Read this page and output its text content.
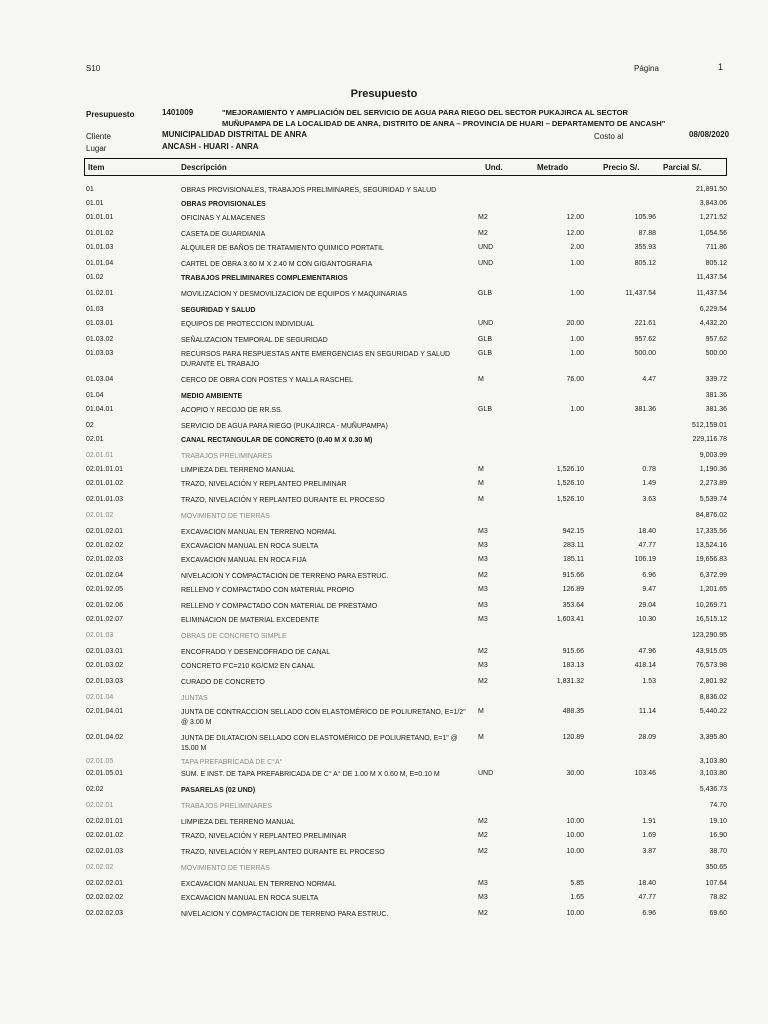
S10	Página	1
Presupuesto
Presupuesto	1401009	"MEJORAMIENTO Y AMPLIACIÓN DEL SERVICIO DE AGUA PARA RIEGO DEL SECTOR PUKAJIRCA AL SECTOR
MUÑUPAMPA DE LA LOCALIDAD DE ANRA, DISTRITO DE ANRA – PROVINCIA DE HUARI – DEPARTAMENTO DE ANCASH"
Cliente	MUNICIPALIDAD DISTRITAL DE ANRA	Costo al	08/08/2020
Lugar	ANCASH - HUARI - ANRA
Item	Descripción	Und.	Metrado	Precio S/.	Parcial S/.
01	OBRAS PROVISIONALES, TRABAJOS PRELIMINARES, SEGURIDAD Y SALUD	21,891.50
01.01	OBRAS PROVISIONALES	3,843.06
01.01.01	OFICINAS Y ALMACENES	M2	12.00	105.96	1,271.52
01.01.02	CASETA DE GUARDIANIA	M2	12.00	87.88	1,054.56
01.01.03	ALQUILER DE BAÑOS DE TRATAMIENTO QUIMICO PORTATIL	UND	2.00	355.93	711.86
01.01.04	CARTEL DE OBRA 3.60 M X 2.40 M CON GIGANTOGRAFIA	UND	1.00	805.12	805.12
01.02	TRABAJOS PRELIMINARES COMPLEMENTARIOS	11,437.54
01.02.01	MOVILIZACION Y DESMOVILIZACION DE EQUIPOS Y MAQUINARIAS	GLB	1.00	11,437.54	11,437.54
01.03	SEGURIDAD Y SALUD	6,229.54
01.03.01	EQUIPOS DE PROTECCION INDIVIDUAL	UND	20.00	221.61	4,432.20
01.03.02	SEÑALIZACION TEMPORAL DE SEGURIDAD	GLB	1.00	957.62	957.62
01.03.03	RECURSOS PARA RESPUESTAS ANTE EMERGENCIAS EN SEGURIDAD Y SALUD DURANTE EL TRABAJO
GLB	1.00	500.00	500.00
01.03.04	CERCO DE OBRA CON POSTES Y MALLA RASCHEL	M	76.00	4.47	339.72
01.04	MEDIO AMBIENTE	381.36
01.04.01	ACOPIO Y RECOJO DE RR.SS.	GLB	1.00	381.36	381.36
02	SERVICIO DE AGUA PARA RIEGO (PUKAJIRCA - MUÑUPAMPA)	512,159.01
02.01	CANAL RECTANGULAR DE CONCRETO (0.40 M X 0.30 M)	229,116.78
02.01.01	TRABAJOS PRELIMINARES	9,003.99
02.01.01.01	LIMPIEZA DEL TERRENO MANUAL	M	1,526.10	0.78	1,190.36
02.01.01.02	TRAZO, NIVELACIÓN Y REPLANTEO PRELIMINAR	M	1,526.10	1.49	2,273.89
02.01.01.03	TRAZO, NIVELACIÓN Y REPLANTEO DURANTE EL PROCESO	M	1,526.10	3.63	5,539.74
02.01.02	MOVIMIENTO DE TIERRAS	84,876.02
02.01.02.01	EXCAVACION MANUAL EN TERRENO NORMAL	M3	942.15	18.40	17,335.56
02.01.02.02	EXCAVACION MANUAL EN ROCA SUELTA	M3	283.11	47.77	13,524.16
02.01.02.03	EXCAVACION MANUAL EN ROCA FIJA	M3	185.11	106.19	19,656.83
02.01.02.04	NIVELACION Y COMPACTACION DE TERRENO PARA ESTRUC.	M2	915.66	6.96	6,372.99
02.01.02.05	RELLENO Y COMPACTADO CON MATERIAL PROPIO	M3	126.89	9.47	1,201.65
02.01.02.06	RELLENO Y COMPACTADO CON MATERIAL DE PRESTAMO	M3	353.64	29.04	10,269.71
02.01.02.07	ELIMINACION DE MATERIAL EXCEDENTE	M3	1,603.41	10.30	16,515.12
02.01.03	OBRAS DE CONCRETO SIMPLE	123,290.95
02.01.03.01	ENCOFRADO Y DESENCOFRADO DE CANAL	M2	915.66	47.96	43,915.05
02.01.03.02	CONCRETO F'C=210 KG/CM2 EN CANAL	M3	183.13	418.14	76,573.98
02.01.03.03	CURADO DE CONCRETO	M2	1,831.32	1.53	2,801.92
02.01.04	JUNTAS	8,836.02
02.01.04.01	JUNTA DE CONTRACCION SELLADO CON ELASTOMÉRICO DE POLIURETANO, E=1/2" @ 3.00 M
M	488.35	11.14	5,440.22
02.01.04.02	JUNTA DE DILATACION SELLADO CON ELASTOMÉRICO DE POLIURETANO, E=1" @ 15.00 M
M	120.89	28.09	3,395.80
02.01.05	TAPA PREFABRICADA DE C°A°	3,103.80
02.01.05.01	SUM. E INST. DE TAPA PREFABRICADA DE C° A° DE 1.00 M X 0.60 M, E=0.10 M	UND	30.00	103.46	3,103.80
02.02	PASARELAS (02 UND)	5,436.73
02.02.01	TRABAJOS PRELIMINARES	74.70
02.02.01.01	LIMPIEZA DEL TERRENO MANUAL	M2	10.00	1.91	19.10
02.02.01.02	TRAZO, NIVELACIÓN Y REPLANTEO PRELIMINAR	M2	10.00	1.69	16.90
02.02.01.03	TRAZO, NIVELACIÓN Y REPLANTEO DURANTE EL PROCESO	M2	10.00	3.87	38.70
02.02.02	MOVIMIENTO DE TIERRAS	350.65
02.02.02.01	EXCAVACION MANUAL EN TERRENO NORMAL	M3	5.85	18.40	107.64
02.02.02.02	EXCAVACION MANUAL EN ROCA SUELTA	M3	1.65	47.77	78.82
02.02.02.03	NIVELACION Y COMPACTACION DE TERRENO PARA ESTRUC.	M2	10.00	6.96	69.60
